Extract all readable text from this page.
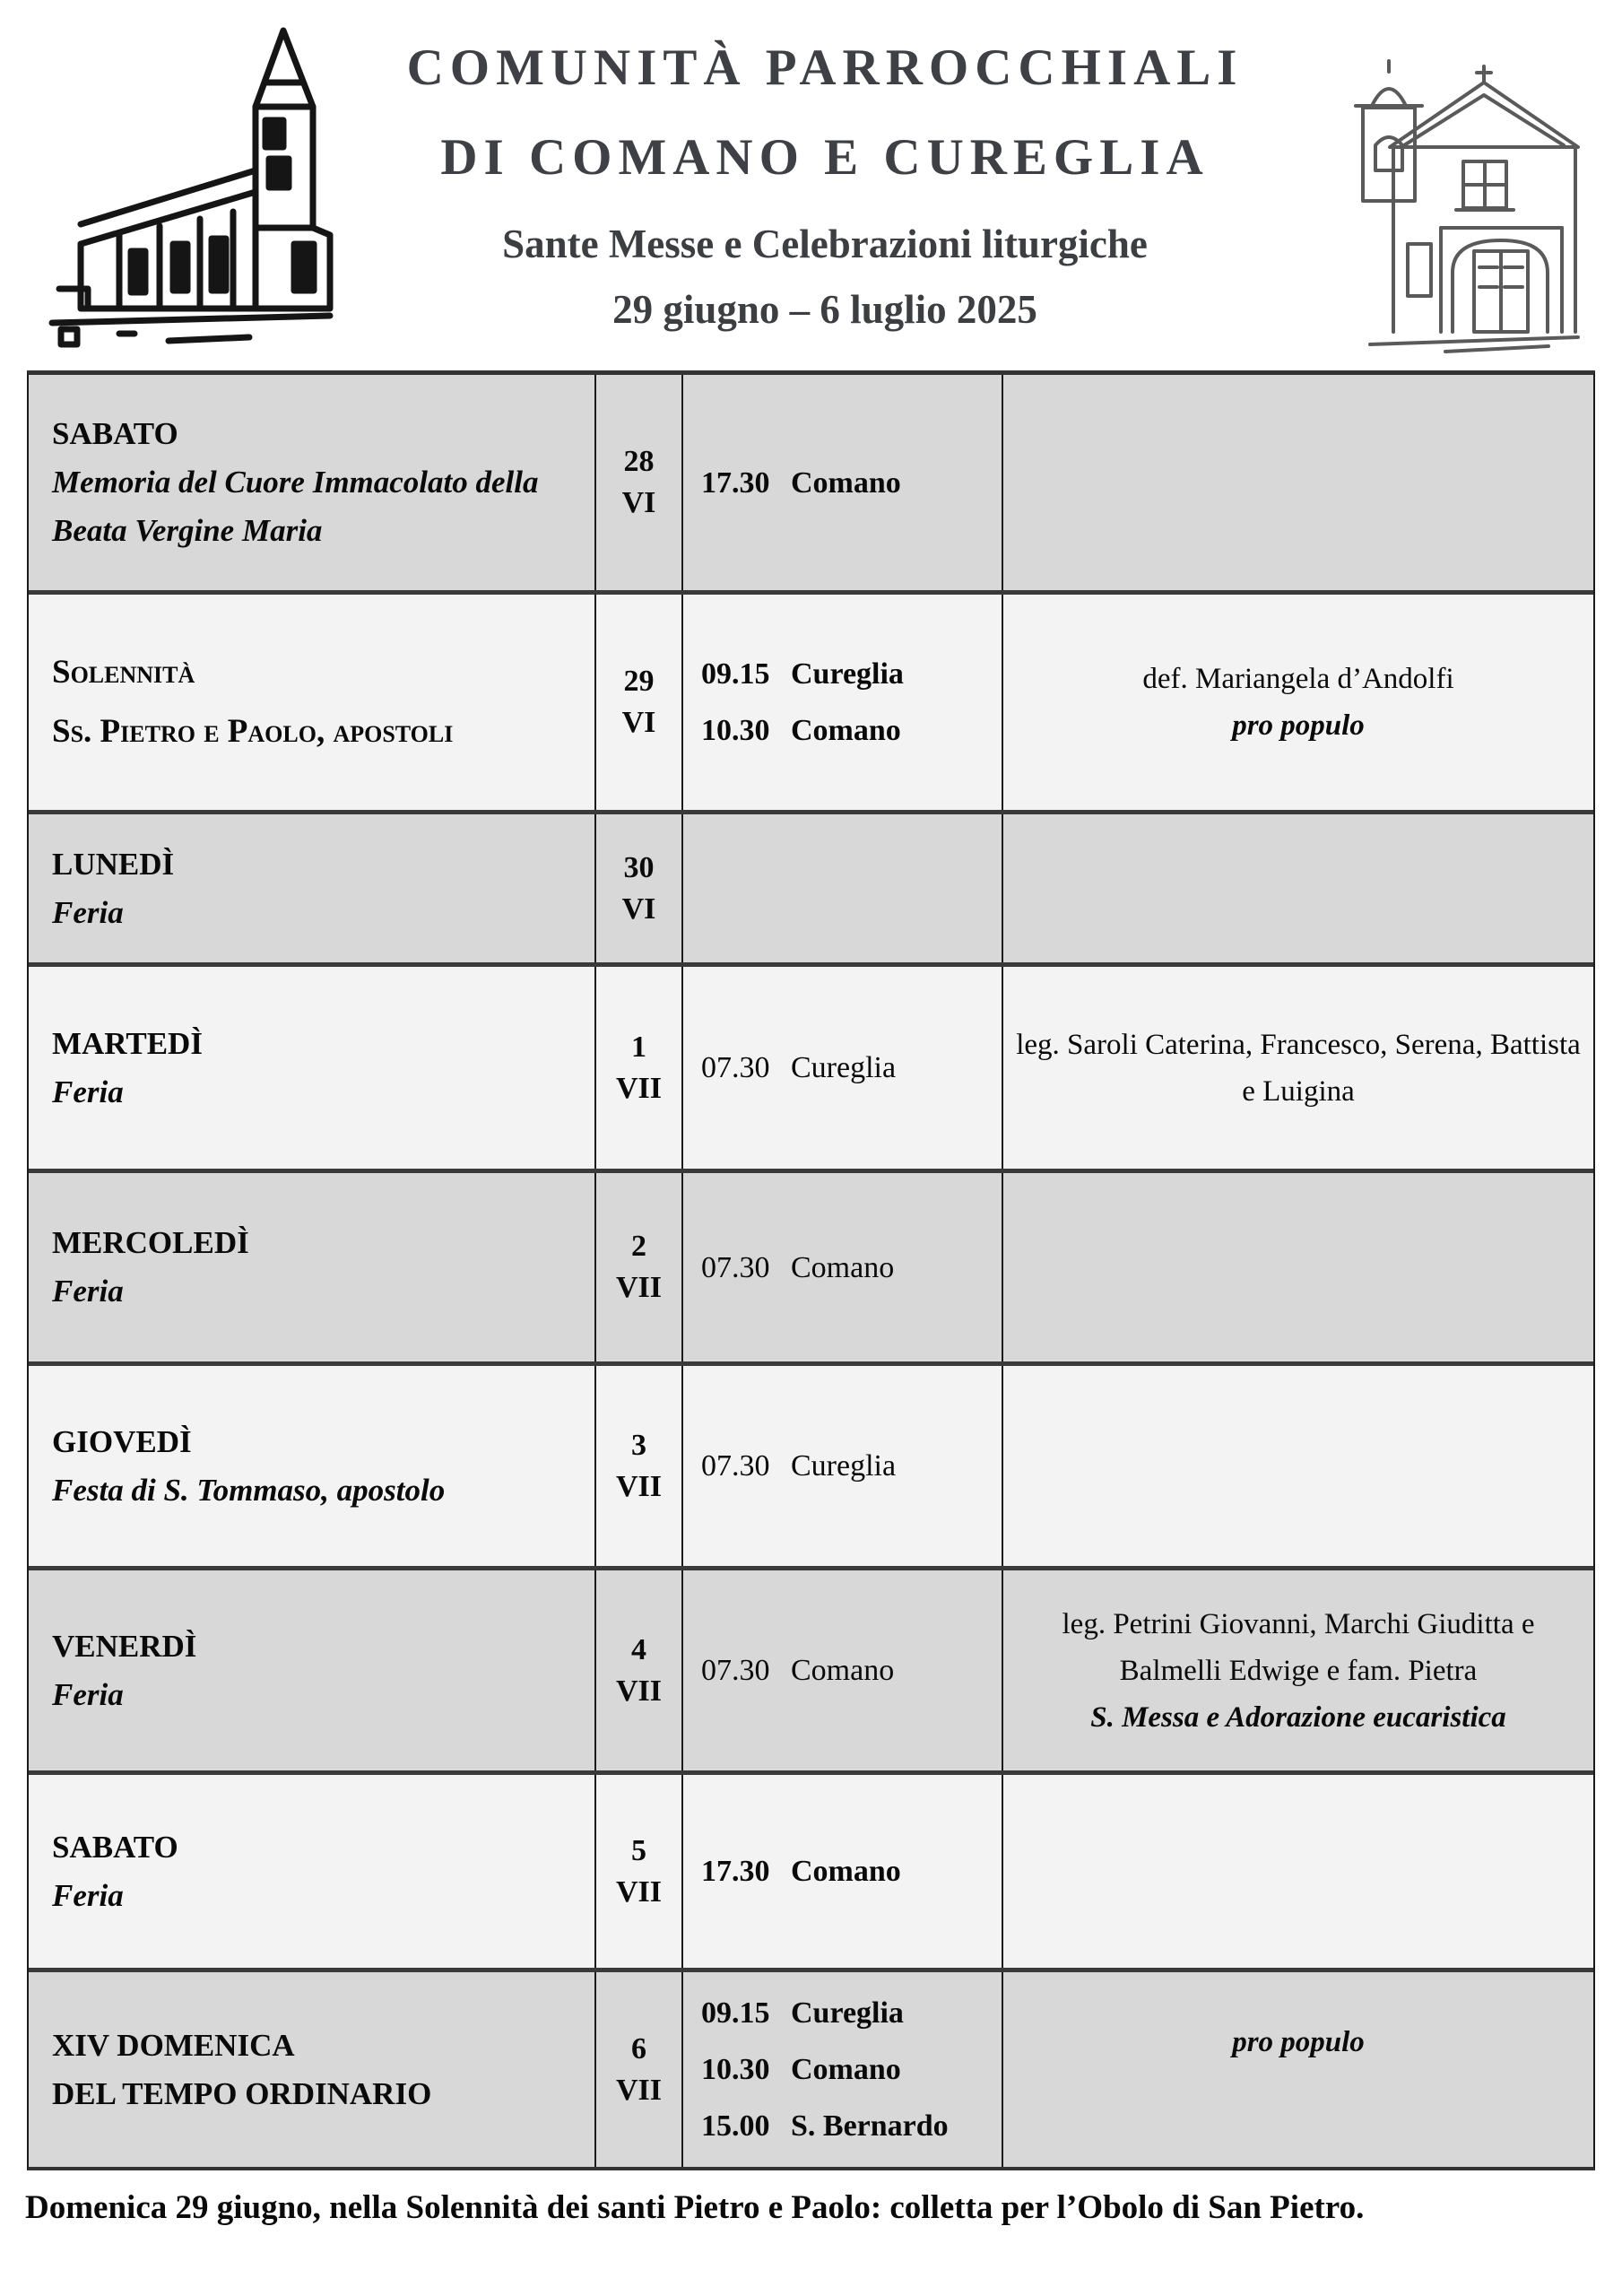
COMUNITÀ PARROCCHIALI
DI COMANO E CUREGLIA
Sante Messe e Celebrazioni liturgiche
29 giugno – 6 luglio 2025
SABATO
Memoria del Cuore Immacolato della Beata Vergine Maria
28
VI
17.30 Comano
Solennità
Ss. Pietro e Paolo, apostoli
29
VI
09.15 Cureglia
10.30 Comano
def. Mariangela d’Andolfi
pro populo
LUNEDÌ
Feria
30
VI
MARTEDÌ
Feria
1
VII
07.30 Cureglia
leg. Saroli Caterina, Francesco, Serena, Battista e Luigina
MERCOLEDÌ
Feria
2
VII
07.30 Comano
GIOVEDÌ
Festa di S. Tommaso, apostolo
3
VII
07.30 Cureglia
VENERDÌ
Feria
4
VII
07.30 Comano
leg. Petrini Giovanni, Marchi Giuditta e Balmelli Edwige e fam. Pietra
S. Messa e Adorazione eucaristica
SABATO
Feria
5
VII
17.30 Comano
XIV DOMENICA
DEL TEMPO ORDINARIO
6
VII
09.15 Cureglia
10.30 Comano
15.00 S. Bernardo
pro populo
Domenica 29 giugno, nella Solennità dei santi Pietro e Paolo: colletta per l’Obolo di San Pietro.
